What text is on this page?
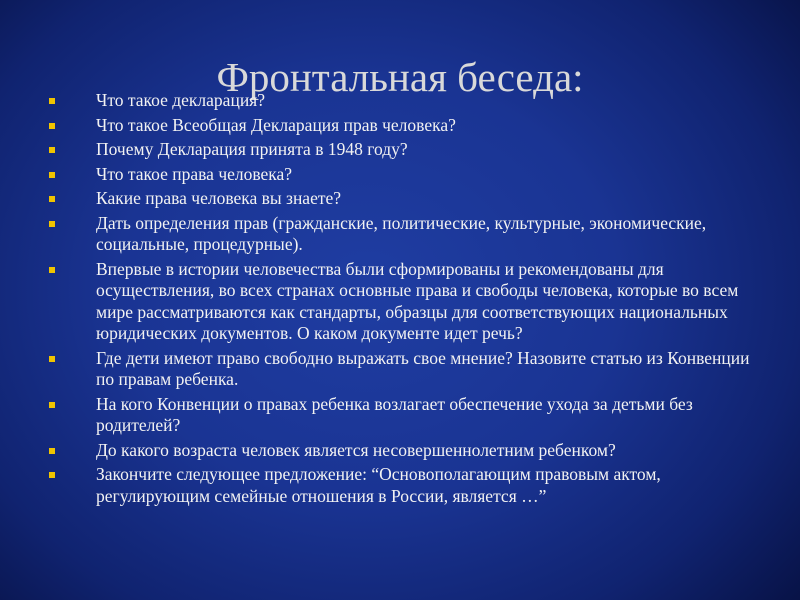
Фронтальная беседа:
Что такое декларация?
Что такое Всеобщая Декларация прав человека?
Почему Декларация принята в 1948 году?
Что такое права человека?
Какие права человека вы знаете?
Дать определения прав (гражданские, политические, культурные, экономические, социальные, процедурные).
Впервые в истории человечества были сформированы и рекомендованы для осуществления, во всех странах основные права и свободы человека, которые во всем мире рассматриваются как стандарты, образцы для соответствующих национальных юридических документов. О каком документе идет речь?
Где дети имеют право свободно выражать свое мнение? Назовите статью из Конвенции по правам ребенка.
На кого Конвенции о правах ребенка возлагает обеспечение ухода за детьми без родителей?
До какого возраста человек является несовершеннолетним ребенком?
Закончите следующее предложение: “Основополагающим правовым актом, регулирующим семейные отношения в России, является …”
